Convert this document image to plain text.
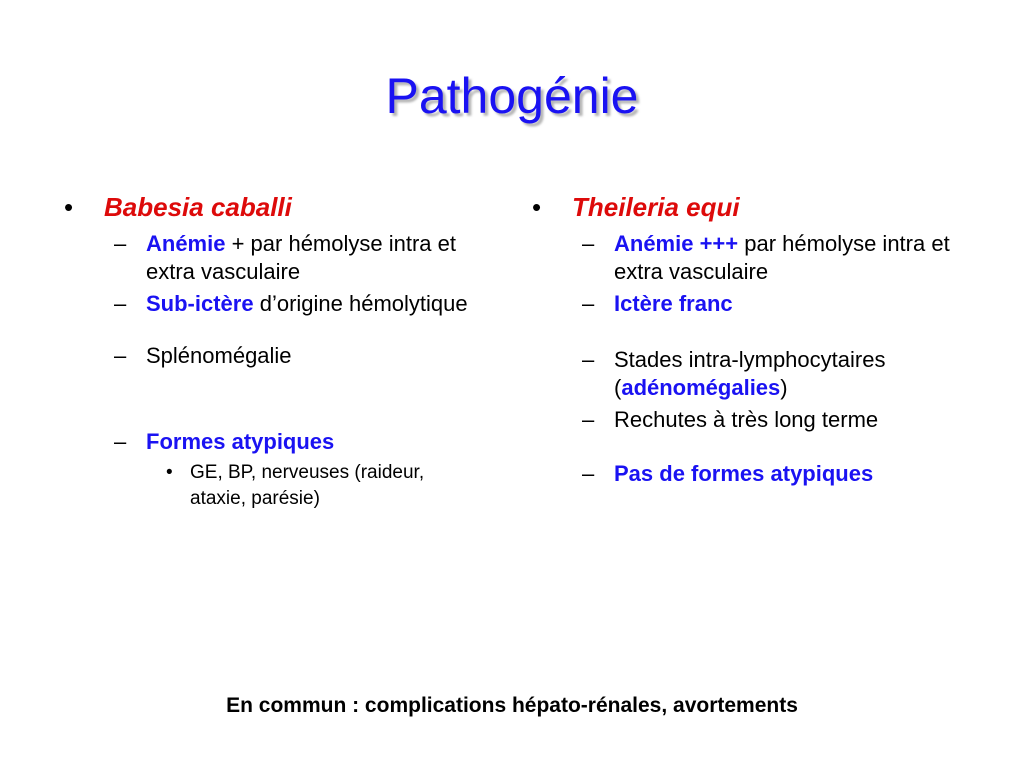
Pathogénie
• Babesia caballi
– Anémie + par hémolyse intra et extra vasculaire
– Sub-ictère d’origine hémolytique
– Splénomégalie
– Formes atypiques
• GE, BP, nerveuses (raideur, ataxie, parésie)
• Theileria equi
– Anémie +++ par hémolyse intra et extra vasculaire
– Ictère franc
– Stades intra-lymphocytaires (adénomégalies)
– Rechutes à très long terme
– Pas de formes atypiques
En commun : complications hépato-rénales, avortements
